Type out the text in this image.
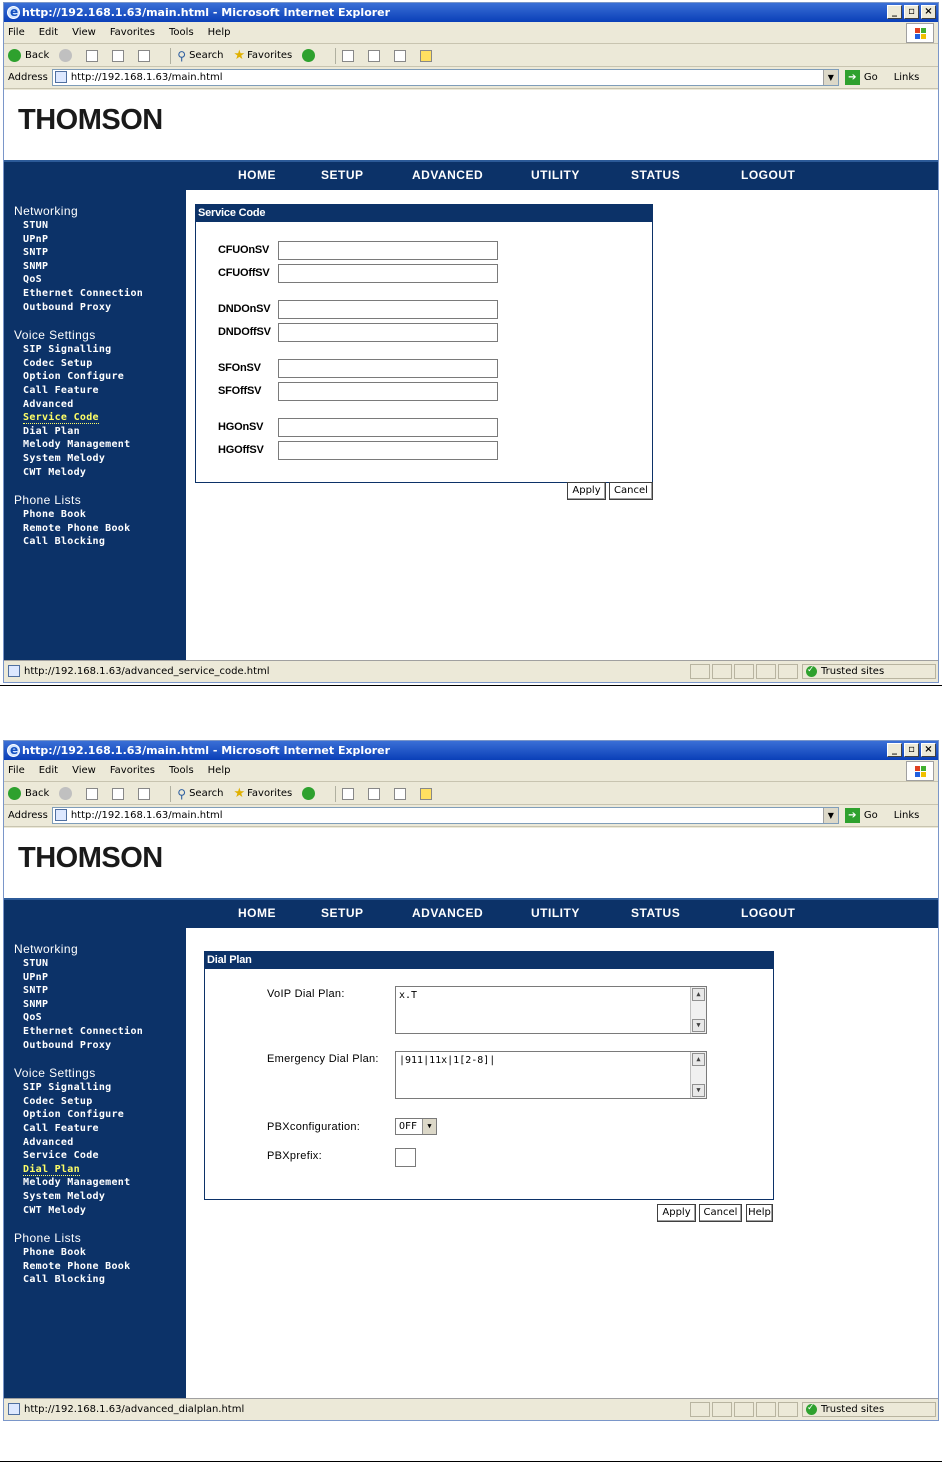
e
http://192.168.1.63/main.html - Microsoft Internet Explorer	_	▫ ×
File Edit View Favorites Tools Help
Back	⚲ Search ★ Favorites
Address	http://192.168.1.63/main.html	▼	➔ Go Links
THOMSON
HOME	SETUP	ADVANCED	UTILITY	STATUS	LOGOUT
Networking
STUN
UPnP
SNTP
SNMP
QoS
Ethernet Connection
Outbound Proxy
Voice Settings
SIP Signalling
Codec Setup
Option Configure
Call Feature
Advanced
Service Code
Dial Plan
Melody Management
System Melody
CWT Melody
Phone Lists
Phone Book
Remote Phone Book
Call Blocking
Service Code
CFUOnSV
CFUOffSV
DNDOnSV
DNDOffSV
SFOnSV
SFOffSV
HGOnSV
HGOffSV
Apply	Cancel
http://192.168.1.63/advanced_service_code.html ✓	Trusted sites
e
http://192.168.1.63/main.html - Microsoft Internet Explorer	_	▫ ×
File Edit View Favorites Tools Help
Back	⚲ Search ★ Favorites
Address	http://192.168.1.63/main.html	▼	➔ Go Links
THOMSON
HOME	SETUP	ADVANCED	UTILITY	STATUS	LOGOUT
Networking
STUN
UPnP
SNTP
SNMP
QoS
Ethernet Connection
Outbound Proxy
Voice Settings
SIP Signalling
Codec Setup
Option Configure
Call Feature
Advanced
Service Code
Dial Plan
Melody Management
System Melody
CWT Melody
Phone Lists
Phone Book
Remote Phone Book
Call Blocking
Dial Plan
VoIP Dial Plan:	x.T	▲
▼
Emergency Dial Plan:	|911|11x|1[2-8]|	▲
▼
PBXconfiguration:	OFF	▼
PBXprefix:
Apply	Cancel	Help
http://192.168.1.63/advanced_dialplan.html ✓	Trusted sites
